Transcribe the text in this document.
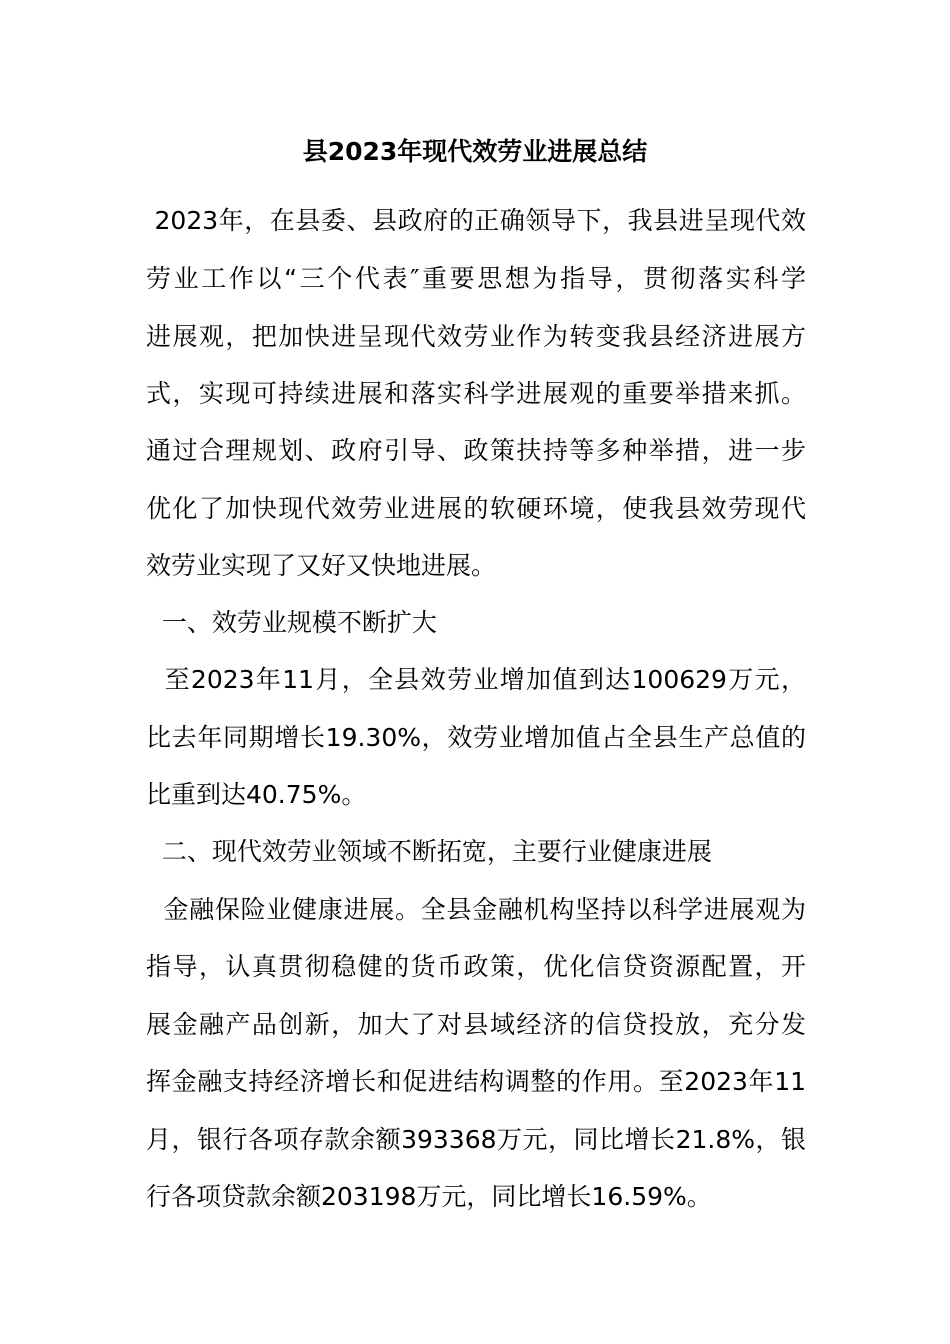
县2023年现代效劳业进展总结
2023年，在县委、县政府的正确领导下，我县进呈现代效
劳业工作以“三个代表″重要思想为指导，贯彻落实科学
进展观，把加快进呈现代效劳业作为转变我县经济进展方
式，实现可持续进展和落实科学进展观的重要举措来抓。
通过合理规划、政府引导、政策扶持等多种举措，进一步
优化了加快现代效劳业进展的软硬环境，使我县效劳现代
效劳业实现了又好又快地进展。
一、效劳业规模不断扩大
至2023年11月，全县效劳业增加值到达100629万元，
比去年同期增长19.30%，效劳业增加值占全县生产总值的
比重到达40.75%。
二、现代效劳业领域不断拓宽，主要行业健康进展
金融保险业健康进展。全县金融机构坚持以科学进展观为
指导，认真贯彻稳健的货币政策，优化信贷资源配置，开
展金融产品创新，加大了对县域经济的信贷投放，充分发
挥金融支持经济增长和促进结构调整的作用。至2023年11
月，银行各项存款余额393368万元，同比增长21.8%，银
行各项贷款余额203198万元，同比增长16.59%。
